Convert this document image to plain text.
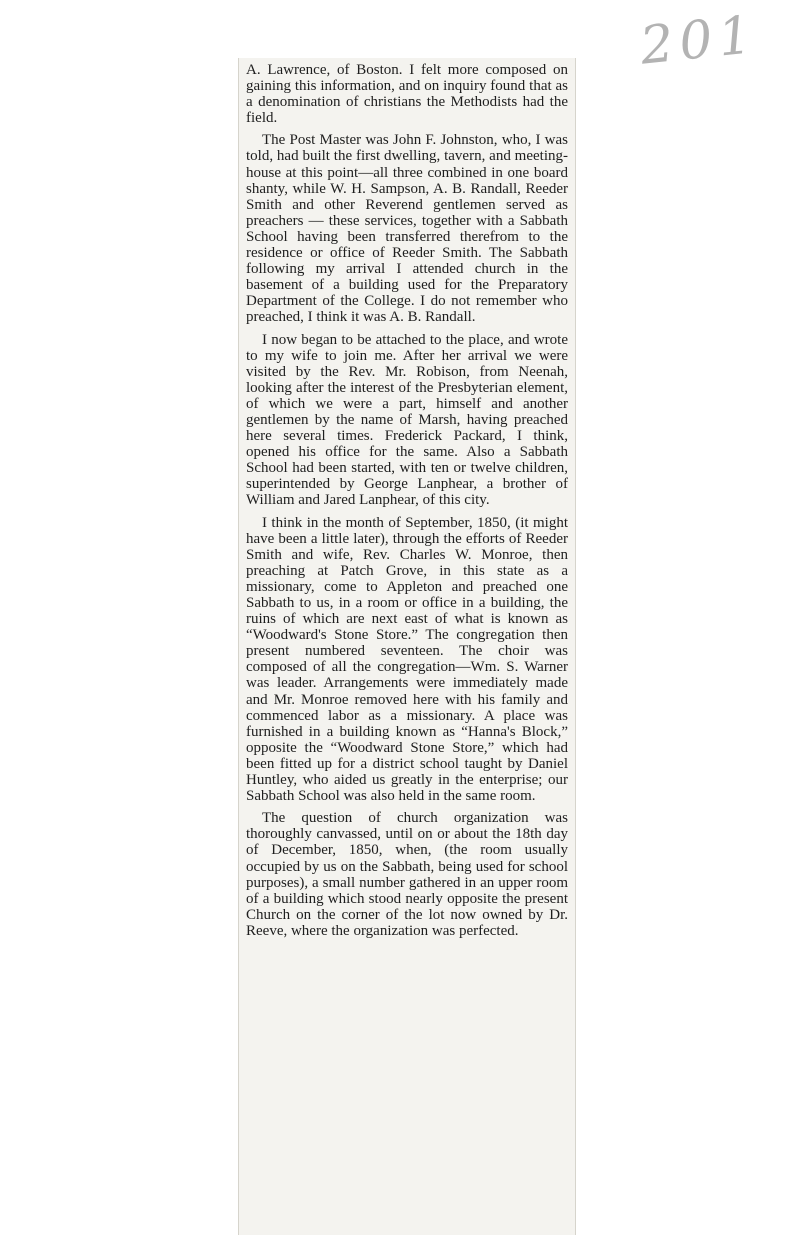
201

A. Lawrence, of Boston. I felt more composed on gaining this information, and on inquiry found that as a denomination of christians the Methodists had the field.

The Post Master was John F. Johnston, who, I was told, had built the first dwelling, tavern, and meeting-house at this point—all three combined in one board shanty, while W. H. Sampson, A. B. Randall, Reeder Smith and other Reverend gentlemen served as preachers — these services, together with a Sabbath School having been transferred therefrom to the residence or office of Reeder Smith. The Sabbath following my arrival I attended church in the basement of a building used for the Preparatory Department of the College. I do not remember who preached, I think it was A. B. Randall.

I now began to be attached to the place, and wrote to my wife to join me. After her arrival we were visited by the Rev. Mr. Robison, from Neenah, looking after the interest of the Presbyterian element, of which we were a part, himself and another gentlemen by the name of Marsh, having preached here several times. Frederick Packard, I think, opened his office for the same. Also a Sabbath School had been started, with ten or twelve children, superintended by George Lanphear, a brother of William and Jared Lanphear, of this city.

I think in the month of September, 1850, (it might have been a little later), through the efforts of Reeder Smith and wife, Rev. Charles W. Monroe, then preaching at Patch Grove, in this state as a missionary, come to Appleton and preached one Sabbath to us, in a room or office in a building, the ruins of which are next east of what is known as “Woodward's Stone Store.” The congregation then present numbered seventeen. The choir was composed of all the congregation—Wm. S. Warner was leader. Arrangements were immediately made and Mr. Monroe removed here with his family and commenced labor as a missionary. A place was furnished in a building known as “Hanna's Block,” opposite the “Woodward Stone Store,” which had been fitted up for a district school taught by Daniel Huntley, who aided us greatly in the enterprise; our Sabbath School was also held in the same room.

The question of church organization was thoroughly canvassed, until on or about the 18th day of December, 1850, when, (the room usually occupied by us on the Sabbath, being used for school purposes), a small number gathered in an upper room of a building which stood nearly opposite the present Church on the corner of the lot now owned by Dr. Reeve, where the organization was perfected.
